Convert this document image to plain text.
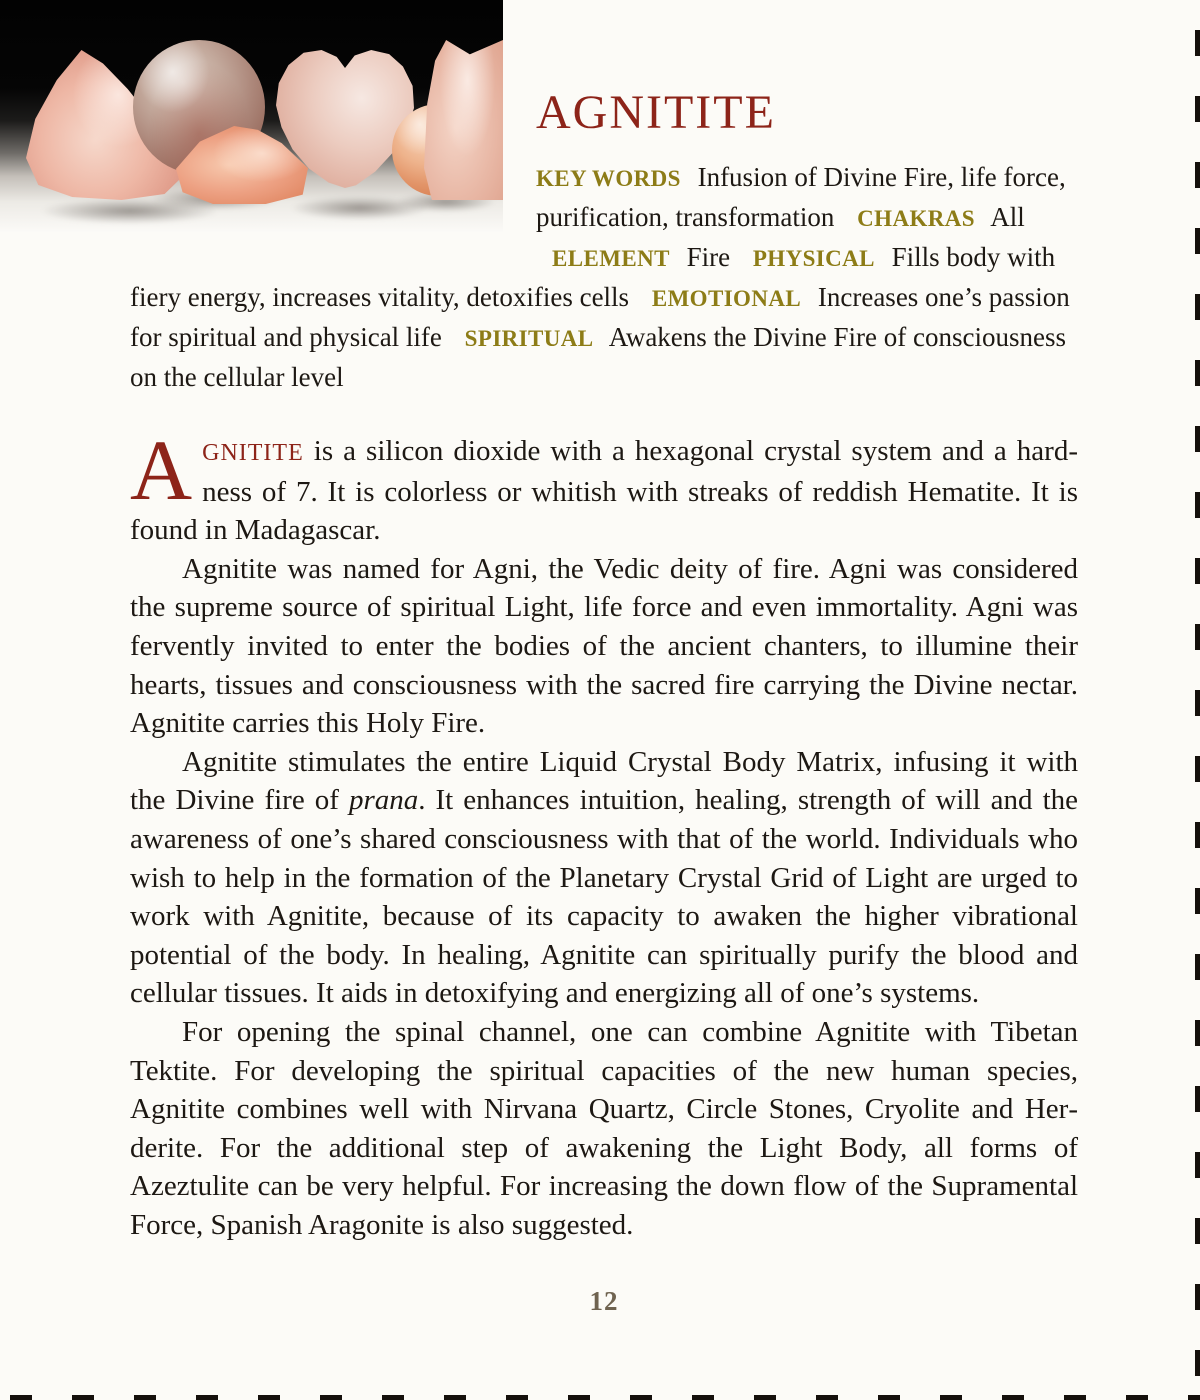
AGNITITE

KEY WORDS Infusion of Divine Fire, life force, purification, transformation CHAKRAS All ELEMENT Fire PHYSICAL Fills body with fiery energy, increases vitality, detoxifies cells EMOTIONAL Increases one’s passion for spiritual and physical life SPIRITUAL Awakens the Divine Fire of consciousness on the cellular level

AGNITITE is a silicon dioxide with a hexagonal crystal system and a hardness of 7. It is colorless or whitish with streaks of reddish Hematite. It is found in Madagascar.

Agnitite was named for Agni, the Vedic deity of fire. Agni was considered the supreme source of spiritual Light, life force and even immortality. Agni was fervently invited to enter the bodies of the ancient chanters, to illumine their hearts, tissues and consciousness with the sacred fire carrying the Divine nectar. Agnitite carries this Holy Fire.

Agnitite stimulates the entire Liquid Crystal Body Matrix, infusing it with the Divine fire of prana. It enhances intuition, healing, strength of will and the awareness of one’s shared consciousness with that of the world. Individuals who wish to help in the formation of the Planetary Crystal Grid of Light are urged to work with Agnitite, because of its capacity to awaken the higher vibrational potential of the body. In healing, Agnitite can spiritually purify the blood and cellular tissues. It aids in detoxifying and energizing all of one’s systems.

For opening the spinal channel, one can combine Agnitite with Tibetan Tektite. For developing the spiritual capacities of the new human species, Agnitite combines well with Nirvana Quartz, Circle Stones, Cryolite and Herderite. For the additional step of awakening the Light Body, all forms of Azeztulite can be very helpful. For increasing the down flow of the Supramental Force, Spanish Aragonite is also suggested.

12
